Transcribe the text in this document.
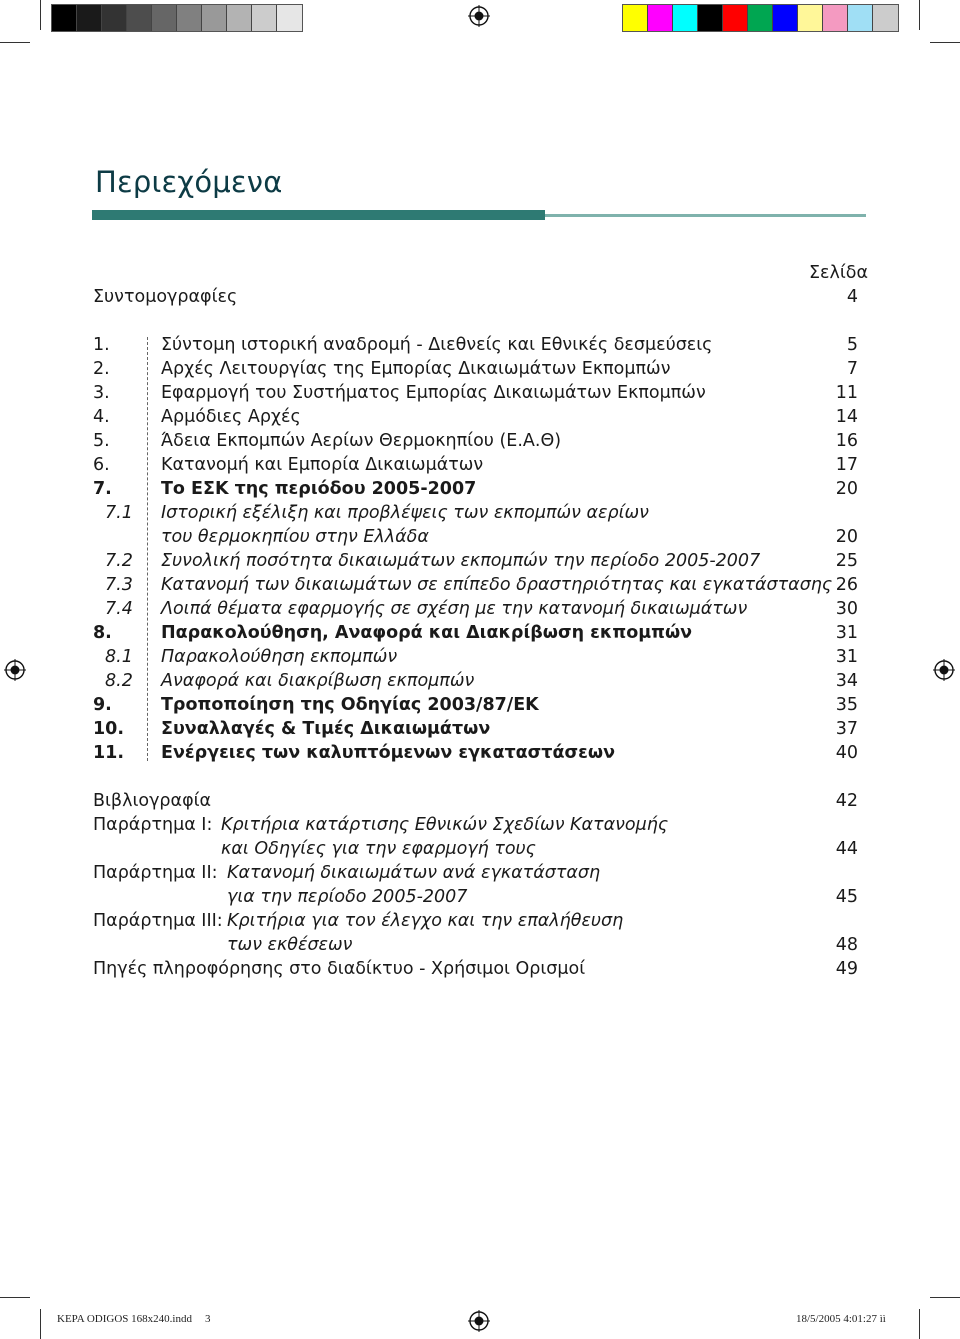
Περιεχόμενα
Σελίδα
Συντομογραφίες	4
1.	Σύντομη ιστορική αναδρομή - Διεθνείς και Εθνικές δεσμεύσεις	5
2.	Αρχές Λειτουργίας της Εμπορίας Δικαιωμάτων Εκπομπών	7
3.	Εφαρμογή του Συστήματος Εμπορίας Δικαιωμάτων Εκπομπών	11
4.	Αρμόδιες Αρχές	14
5.	Άδεια Εκπομπών Αερίων Θερμοκηπίου (Ε.Α.Θ)	16
6.	Κατανομή και Εμπορία Δικαιωμάτων	17
7.	Το ΕΣΚ της περιόδου 2005-2007	20
7.1	Ιστορική εξέλιξη και προβλέψεις των εκπομπών αερίων
του θερμοκηπίου στην Ελλάδα	20
7.2	Συνολική ποσότητα δικαιωμάτων εκπομπών την περίοδο 2005-2007	25
7.3	Κατανομή των δικαιωμάτων σε επίπεδο δραστηριότητας και εγκατάστασης 26
7.4	Λοιπά θέματα εφαρμογής σε σχέση με την κατανομή δικαιωμάτων	30
8.	Παρακολούθηση, Αναφορά και Διακρίβωση εκπομπών	31
8.1	Παρακολούθηση εκπομπών	31
8.2	Αναφορά και διακρίβωση εκπομπών	34
9.	Τροποποίηση της Οδηγίας 2003/87/ΕΚ	35
10.	Συναλλαγές & Τιμές Δικαιωμάτων	37
11.	Ενέργειες των καλυπτόμενων εγκαταστάσεων	40
Βιβλιογραφία	42
Παράρτημα Ι: Κριτήρια κατάρτισης Εθνικών Σχεδίων Κατανομής
και Οδηγίες για την εφαρμογή τους	44
Παράρτημα ΙΙ: Κατανομή δικαιωμάτων ανά εγκατάσταση
για την περίοδο 2005-2007	45
Παράρτημα ΙΙΙ: Κριτήρια για τον έλεγχο και την επαλήθευση
των εκθέσεων	48
Πηγές πληροφόρησης στο διαδίκτυο - Χρήσιμοι Ορισμοί	49
KEPA ODIGOS 168x240.indd 3	18/5/2005 4:01:27 ìì
